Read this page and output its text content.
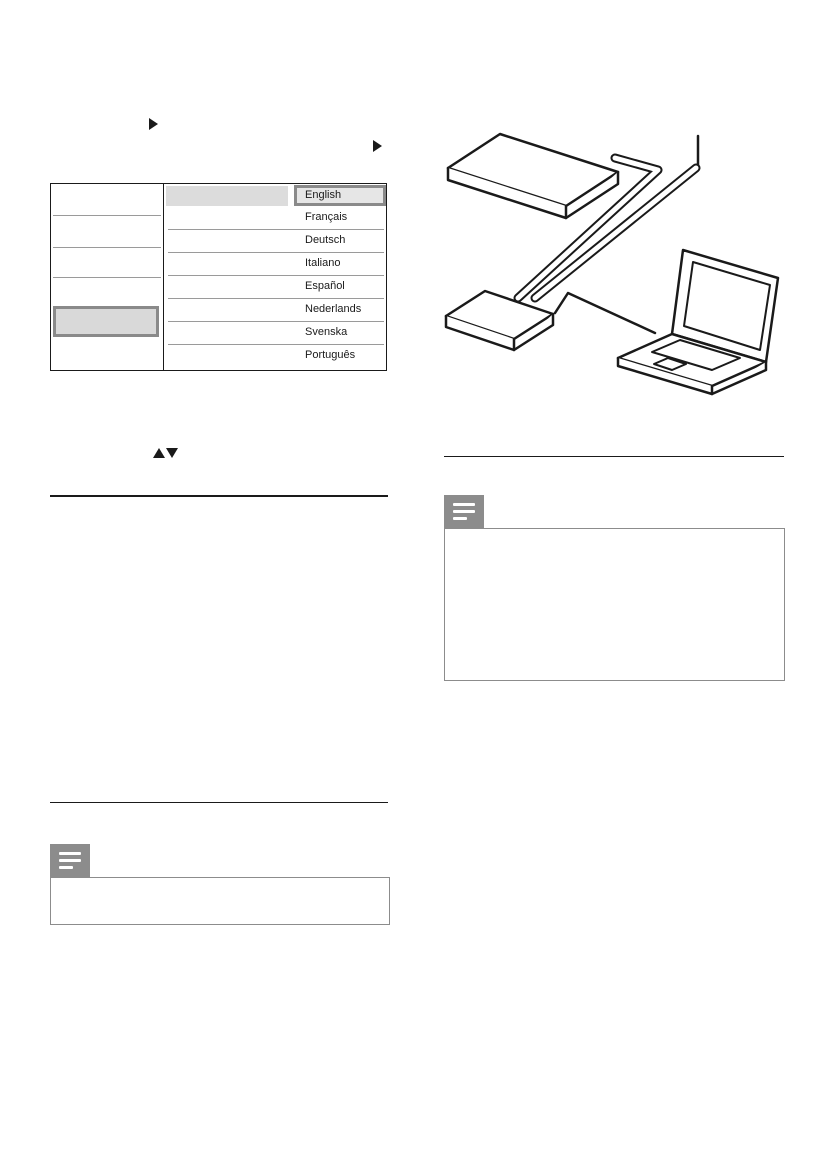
English
Français
Deutsch
Italiano
Español
Nederlands
Svenska
Português
